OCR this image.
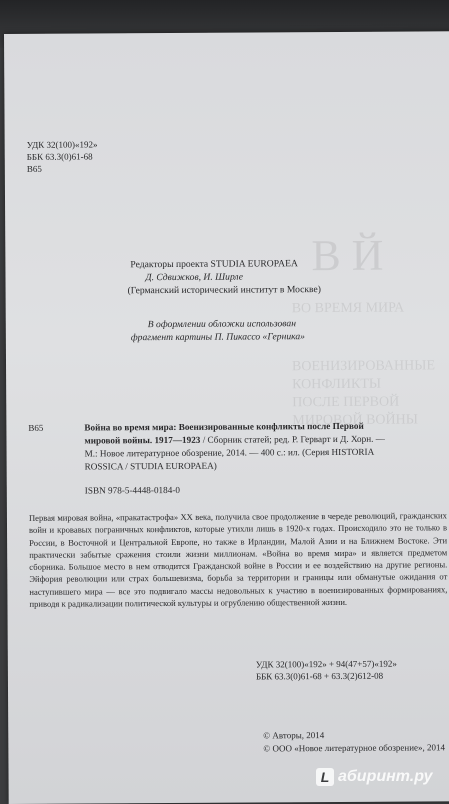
В Й
ВО ВРЕМЯ МИРА
ВОЕНИЗИРОВАННЫЕ КОНФЛИКТЫ
ПОСЛЕ ПЕРВОЙ МИРОВОЙ ВОЙНЫ
УДК 32(100)«192»
ББК 63.3(0)61-68
В65
Редакторы проекта STUDIA EUROPAEA
Д. Сдвижков, И. Ширле
(Германский исторический институт в Москве)
В оформлении обложки использован
фрагмент картины П. Пикассо «Герника»
В65	Война во время мира: Военизированные конфликты после Первой
мировой войны. 1917—1923 / Сборник статей; ред. Р. Герварт и Д. Хорн. —
М.: Новое литературное обозрение, 2014. — 400 с.: ил. (Серия HISTORIA
ROSSICA / STUDIA EUROPAEA)
ISBN 978-5-4448-0184-0
Первая мировая война, «пракатастрофа» XX века, получила свое продолжение в череде революций, гражданских войн и кровавых пограничных конфликтов, которые утихли лишь в 1920-х годах. Происходило это не только в России, в Восточной и Центральной Европе, но также в Ирландии, Малой Азии и на Ближнем Востоке. Эти практически забытые сражения стоили жизни миллионам. «Война во время мира» и является предметом сборника. Большое место в нем отводится Гражданской войне в России и ее воздействию на другие регионы. Эйфория революции или страх большевизма, борьба за территории и границы или обманутые ожидания от наступившего мира — все это подвигало массы недовольных к участию в военизированных формированиях, приводя к радикализации политической культуры и огрублению общественной жизни.
УДК 32(100)«192» + 94(47+57)«192»
ББК 63.3(0)61-68 + 63.3(2)612-08
© Авторы, 2014
© ООО «Новое литературное обозрение», 2014
L абиринт.ру
